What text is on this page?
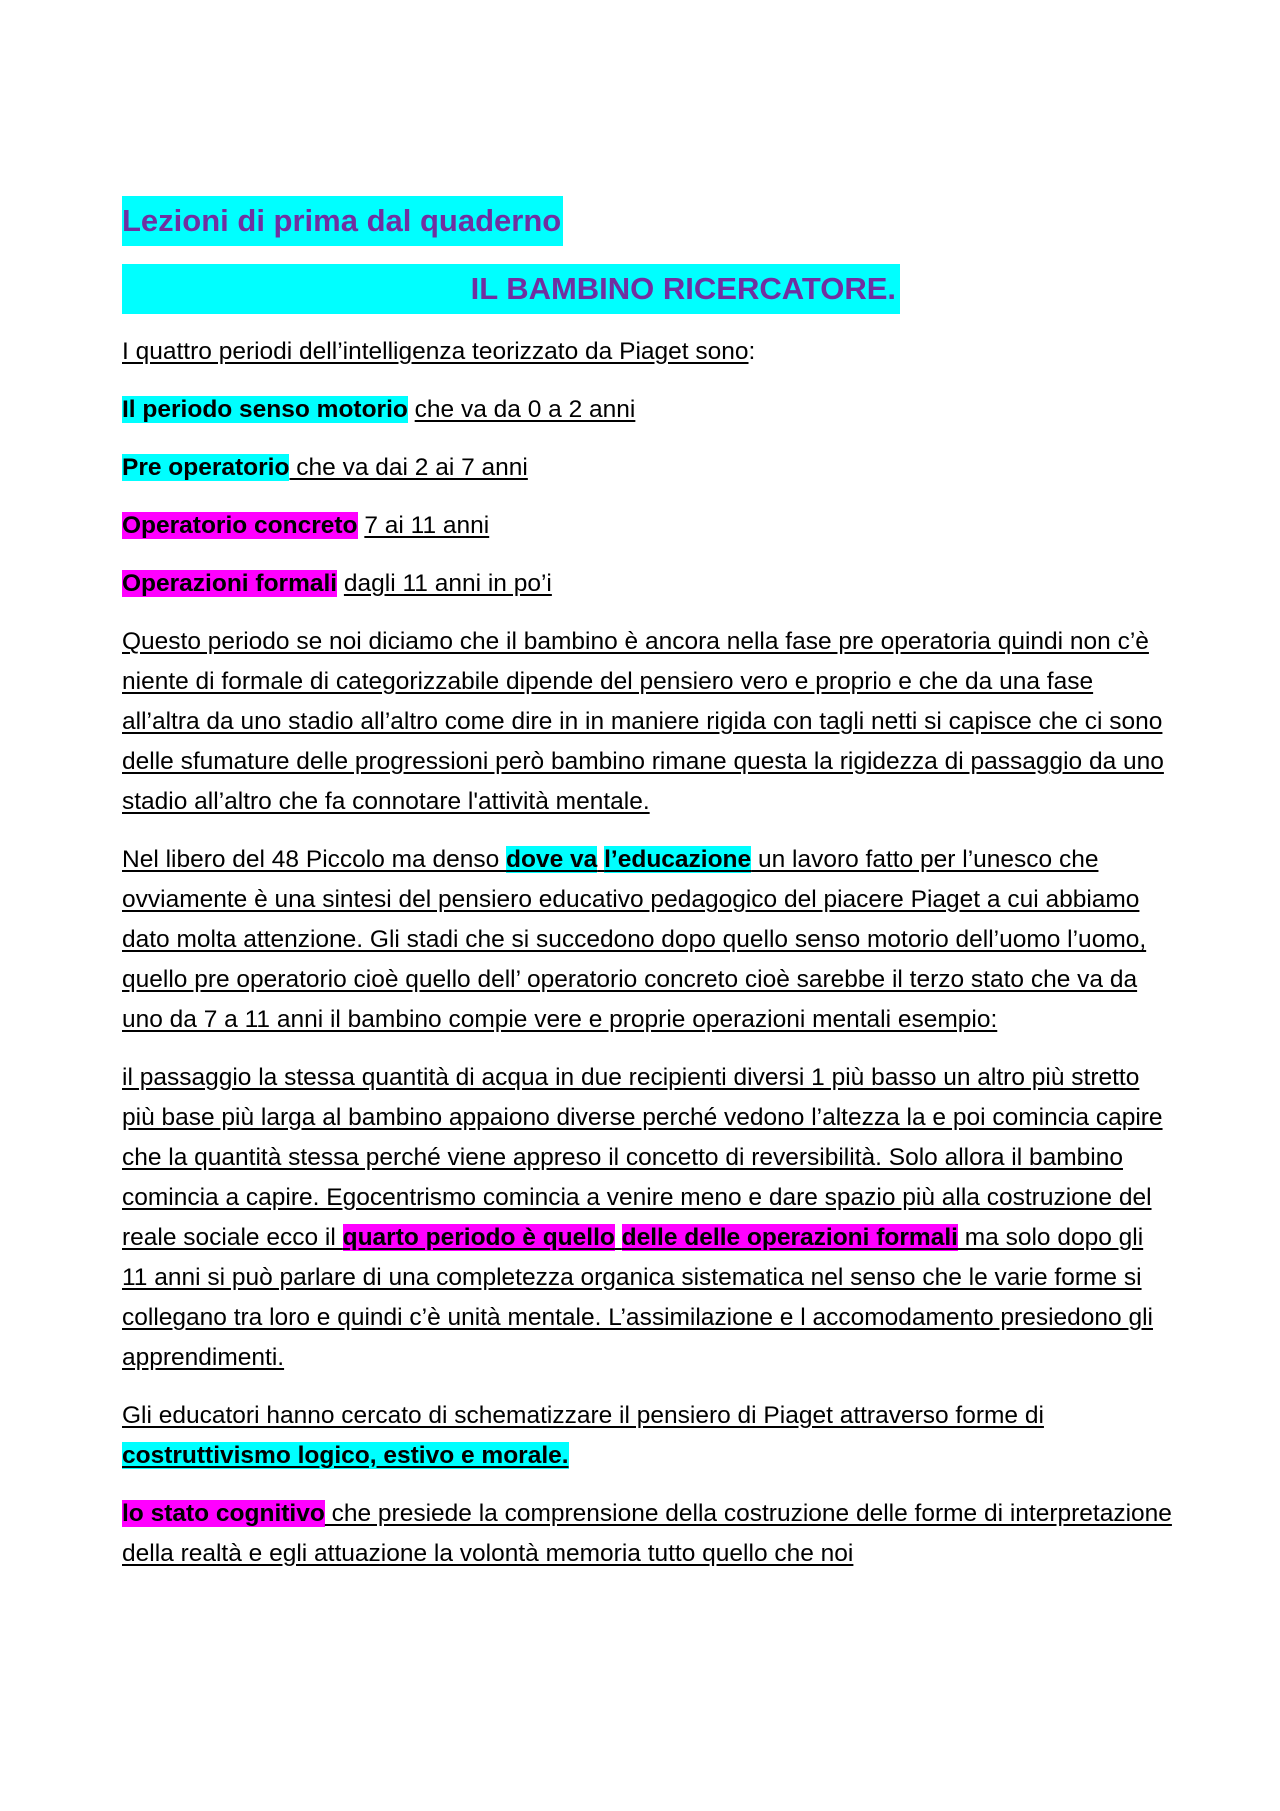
Lezioni di prima dal quaderno
IL BAMBINO RICERCATORE.

I quattro periodi dell’intelligenza teorizzato da Piaget sono:

Il periodo senso motorio che va da 0 a 2 anni

Pre operatorio che va dai 2 ai 7 anni

Operatorio concreto 7 ai 11 anni

Operazioni formali dagli 11 anni in po’i

Questo periodo se noi diciamo che il bambino è ancora nella fase pre operatoria quindi non c’è niente di formale di categorizzabile dipende del pensiero vero e proprio e che da una fase all’altra da uno stadio all’altro come dire in in maniere rigida con tagli netti si capisce che ci sono delle sfumature delle progressioni però bambino rimane questa la rigidezza di passaggio da uno stadio all’altro che fa connotare l'attività mentale.

Nel libero del 48 Piccolo ma denso dove va l’educazione un lavoro fatto per l’unesco che ovviamente è una sintesi del pensiero educativo pedagogico del piacere Piaget a cui abbiamo dato molta attenzione. Gli stadi che si succedono dopo quello senso motorio dell’uomo l’uomo, quello pre operatorio cioè quello dell’ operatorio concreto cioè sarebbe il terzo stato che va da uno da 7 a 11 anni il bambino compie vere e proprie operazioni mentali esempio:

il passaggio la stessa quantità di acqua in due recipienti diversi 1 più basso un altro più stretto più base più larga al bambino appaiono diverse perché vedono l’altezza la e poi comincia capire che la quantità stessa perché viene appreso il concetto di reversibilità. Solo allora il bambino comincia a capire. Egocentrismo comincia a venire meno e dare spazio più alla costruzione del reale sociale ecco il quarto periodo è quello delle delle operazioni formali ma solo dopo gli 11 anni si può parlare di una completezza organica sistematica nel senso che le varie forme si collegano tra loro e quindi c’è unità mentale. L’assimilazione e l accomodamento presiedono gli apprendimenti.

Gli educatori hanno cercato di schematizzare il pensiero di Piaget attraverso forme di costruttivismo logico, estivo e morale.

lo stato cognitivo che presiede la comprensione della costruzione delle forme di interpretazione della realtà e egli attuazione la volontà memoria tutto quello che noi
